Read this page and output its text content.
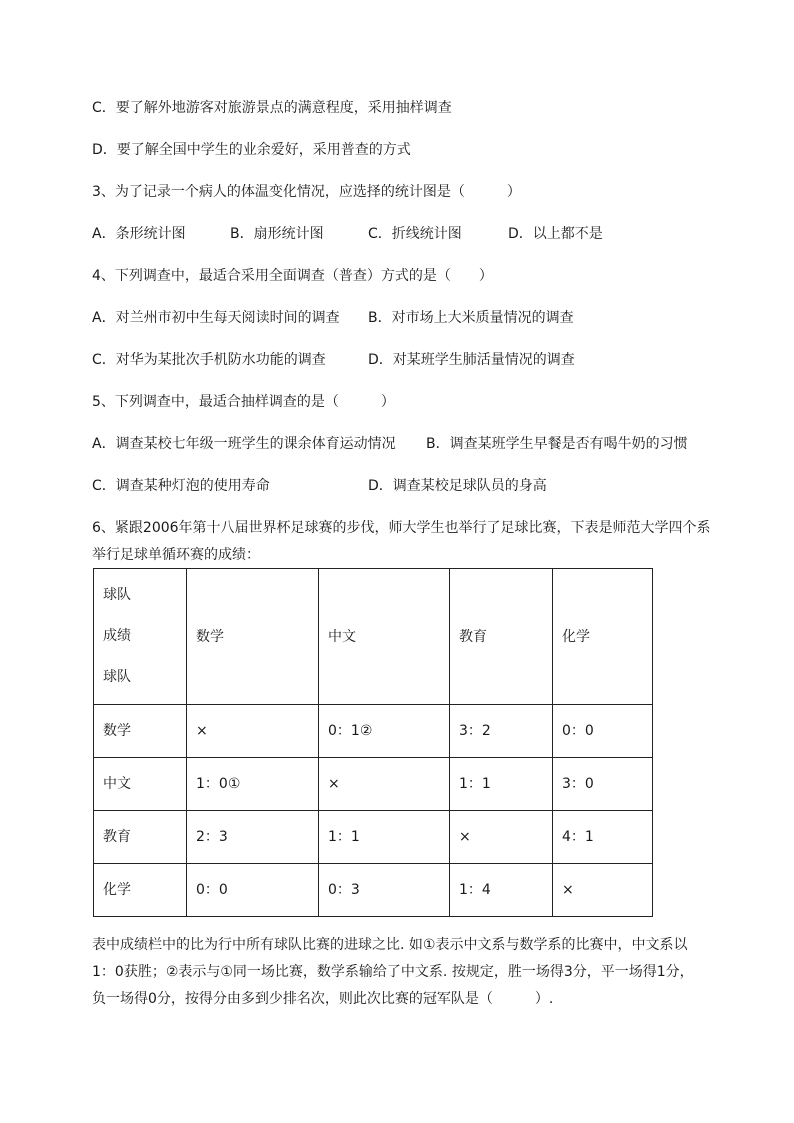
C．要了解外地游客对旅游景点的满意程度，采用抽样调查
D．要了解全国中学生的业余爱好，采用普查的方式
3、为了记录一个病人的体温变化情况，应选择的统计图是（　　　）
A．条形统计图	B．扇形统计图	C．折线统计图	D．以上都不是
4、下列调查中，最适合采用全面调查（普查）方式的是（　　）
A．对兰州市初中生每天阅读时间的调查 B．对市场上大米质量情况的调查
C．对华为某批次手机防水功能的调查	D．对某班学生肺活量情况的调查
5、下列调查中，最适合抽样调查的是（　　　）
A．调查某校七年级一班学生的课余体育运动情况 B．调查某班学生早餐是否有喝牛奶的习惯
C．调查某种灯泡的使用寿命	D．调查某校足球队员的身高
6、紧跟2006年第十八届世界杯足球赛的步伐，师大学生也举行了足球比赛，下表是师范大学四个系
举行足球单循环赛的成绩：
球队
成绩
球队	数学	中文	教育	化学
数学	×	0：1②	3：2	0：0
中文	1：0①	×	1：1	3：0
教育	2：3	1：1	×	4：1
化学	0：0	0：3	1：4	×
表中成绩栏中的比为行中所有球队比赛的进球之比. 如①表示中文系与数学系的比赛中，中文系以
1：0获胜；②表示与①同一场比赛，数学系输给了中文系. 按规定，胜一场得3分，平一场得1分，
负一场得0分，按得分由多到少排名次，则此次比赛的冠军队是（　　　）.
